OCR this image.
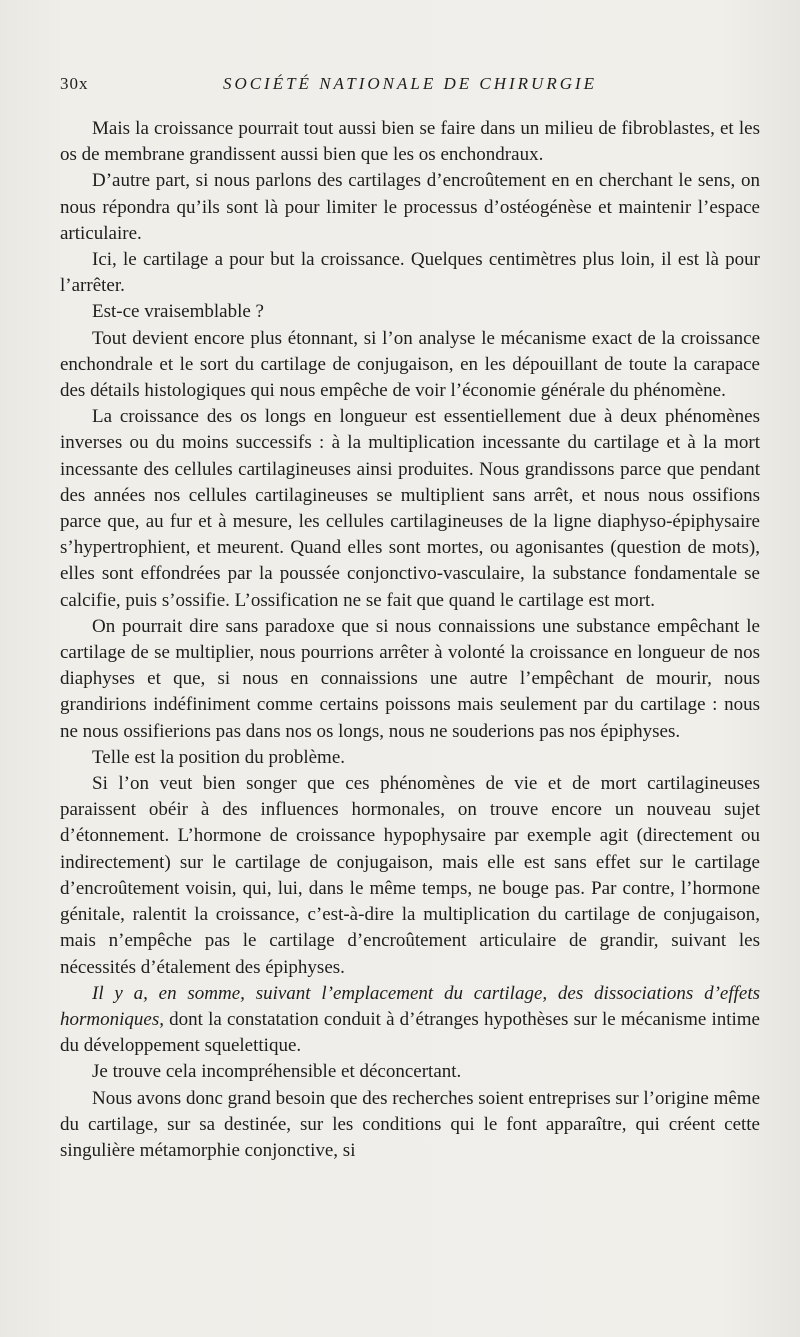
30х	SOCIÉTÉ NATIONALE DE CHIRURGIE

Mais la croissance pourrait tout aussi bien se faire dans un milieu de fibroblastes, et les os de membrane grandissent aussi bien que les os enchondraux.

D’autre part, si nous parlons des cartilages d’encroûtement en en cherchant le sens, on nous répondra qu’ils sont là pour limiter le processus d’ostéogénèse et maintenir l’espace articulaire.

Ici, le cartilage a pour but la croissance. Quelques centimètres plus loin, il est là pour l’arrêter.

Est-ce vraisemblable ?

Tout devient encore plus étonnant, si l’on analyse le mécanisme exact de la croissance enchondrale et le sort du cartilage de conjugaison, en les dépouillant de toute la carapace des détails histologiques qui nous empêche de voir l’économie générale du phénomène.

La croissance des os longs en longueur est essentiellement due à deux phénomènes inverses ou du moins successifs : à la multiplication incessante du cartilage et à la mort incessante des cellules cartilagineuses ainsi produites. Nous grandissons parce que pendant des années nos cellules cartilagineuses se multiplient sans arrêt, et nous nous ossifions parce que, au fur et à mesure, les cellules cartilagineuses de la ligne diaphyso-épiphysaire s’hypertrophient, et meurent. Quand elles sont mortes, ou agonisantes (question de mots), elles sont effondrées par la poussée conjonctivo-vasculaire, la substance fondamentale se calcifie, puis s’ossifie. L’ossification ne se fait que quand le cartilage est mort.

On pourrait dire sans paradoxe que si nous connaissions une substance empêchant le cartilage de se multiplier, nous pourrions arrêter à volonté la croissance en longueur de nos diaphyses et que, si nous en connaissions une autre l’empêchant de mourir, nous grandirions indéfiniment comme certains poissons mais seulement par du cartilage : nous ne nous ossifierions pas dans nos os longs, nous ne souderions pas nos épiphyses.

Telle est la position du problème.

Si l’on veut bien songer que ces phénomènes de vie et de mort cartilagineuses paraissent obéir à des influences hormonales, on trouve encore un nouveau sujet d’étonnement. L’hormone de croissance hypophysaire par exemple agit (directement ou indirectement) sur le cartilage de conjugaison, mais elle est sans effet sur le cartilage d’encroûtement voisin, qui, lui, dans le même temps, ne bouge pas. Par contre, l’hormone génitale, ralentit la croissance, c’est-à-dire la multiplication du cartilage de conjugaison, mais n’empêche pas le cartilage d’encroûtement articulaire de grandir, suivant les nécessités d’étalement des épiphyses.

Il y a, en somme, suivant l’emplacement du cartilage, des dissociations d’effets hormoniques, dont la constatation conduit à d’étranges hypothèses sur le mécanisme intime du développement squelettique.

Je trouve cela incompréhensible et déconcertant.

Nous avons donc grand besoin que des recherches soient entreprises sur l’origine même du cartilage, sur sa destinée, sur les conditions qui le font apparaître, qui créent cette singulière métamorphie conjonctive, si
